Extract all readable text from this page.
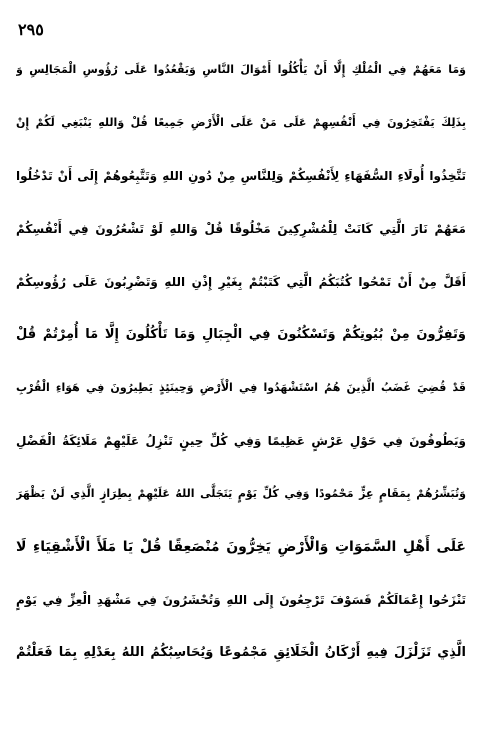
٢٩٥
وَمَا مَعَهُمْ فِي الْمُلْكِ إِلَّا أَنْ يَأْكُلُوا أَمْوَالَ النَّاسِ وَيَقْعُدُوا عَلَى رُؤُوسِ الْمَجَالِسِ وَ
بِذَلِكَ يَفْتَخِرُونَ فِي أَنْفُسِهِمْ عَلَى مَنْ عَلَى الْأَرْضِ جَمِيعًا قُلْ وَاللهِ يَنْبَغِي لَكُمْ إِنْ
تَتَّخِذُوا أُولَاءِ السُّفَهَاءِ لِأَنْفُسِكُمْ وَلِلنَّاسِ مِنْ دُونِ اللهِ وَتَتَّبِعُوهُمْ إِلَى أَنْ تَدْخُلُوا
مَعَهُمْ نَارَ الَّتِي كَانَتْ لِلْمُشْرِكِينَ مَخْلُوقًا قُلْ وَاللهِ لَوْ تَشْعُرُونَ فِي أَنْفُسِكُمْ
أَقَلَّ مِنْ أَنْ تَمْحُوا كُتُبَكُمُ الَّتِي كَتَبْتُمْ بِغَيْرِ إِذْنِ اللهِ وَتَضْرِبُونَ عَلَى رُؤُوسِكُمْ
وَتَفِرُّونَ مِنْ بُيُوتِكُمْ وَتَسْكُنُونَ فِي الْجِبَالِ وَمَا تَأْكُلُونَ إِلَّا مَا أُمِرْتُمْ قُلْ
قَدْ قُضِيَ غَضَبُ الَّذِينَ هُمُ اسْتَشْهَدُوا فِي الْأَرْضِ وَحِينَئِذٍ يَطِيرُونَ فِي هَوَاءِ الْقُرْبِ
وَيَطُوفُونَ فِي حَوْلِ عَرْشٍ عَظِيمًا وَفِي كُلِّ حِينٍ تَنْزِلُ عَلَيْهِمْ مَلَائِكَةُ الْفَضْلِ
وَتُبَشِّرُهُمْ بِمَقَامٍ عِزٍّ مَحْمُودًا وَفِي كُلِّ يَوْمٍ يَتَجَلَّى اللهُ عَلَيْهِمْ بِطِرَازٍ الَّذِي لَنْ يَظْهَرَ
عَلَى أَهْلِ السَّمَوَاتِ وَالْأَرْضِ يَخِرُّونَ مُنْصَعِقًا قُلْ يَا مَلَأَ الْأَشْقِيَاءِ لَا
تَنْزَحُوا إِعْمَالَكُمْ فَسَوْفَ تَرْجِعُونَ إِلَى اللهِ وَتُحْشَرُونَ فِي مَشْهَدِ الْعِزِّ فِي يَوْمٍ
الَّذِي تَزَلْزَلَ فِيهِ أَرْكَانُ الْخَلَائِقِ مَجْمُوعًا وَيُحَاسِبُكُمُ اللهُ بِعَدْلِهِ بِمَا فَعَلْتُمْ
